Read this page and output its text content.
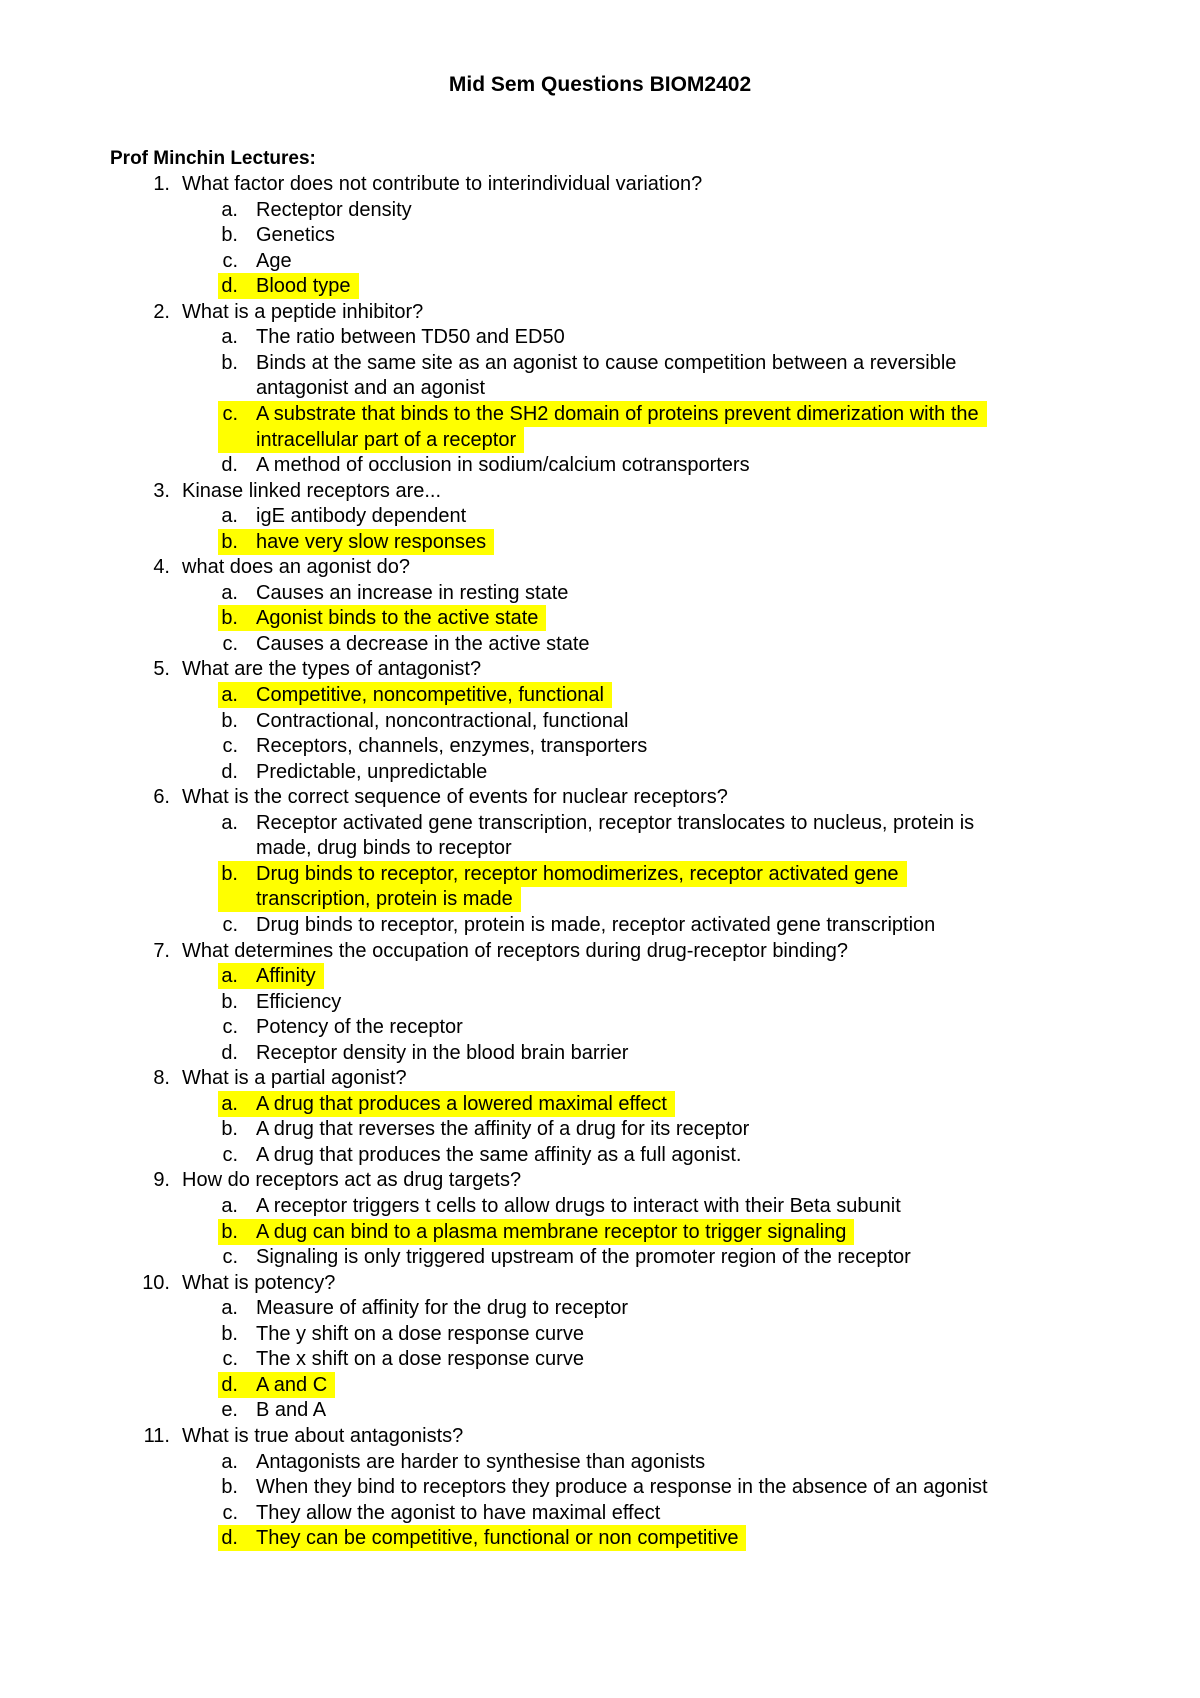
Mid Sem Questions BIOM2402
Prof Minchin Lectures:
1. What factor does not contribute to interindividual variation?
a. Recteptor density
b. Genetics
c. Age
d. Blood type
2. What is a peptide inhibitor?
a. The ratio between TD50 and ED50
b. Binds at the same site as an agonist to cause competition between a reversible
antagonist and an agonist
c. A substrate that binds to the SH2 domain of proteins prevent dimerization with the
intracellular part of a receptor
d. A method of occlusion in sodium/calcium cotransporters
3. Kinase linked receptors are...
a. igE antibody dependent
b. have very slow responses
4. what does an agonist do?
a. Causes an increase in resting state
b. Agonist binds to the active state
c. Causes a decrease in the active state
5. What are the types of antagonist?
a. Competitive, noncompetitive, functional
b. Contractional, noncontractional, functional
c. Receptors, channels, enzymes, transporters
d. Predictable, unpredictable
6. What is the correct sequence of events for nuclear receptors?
a. Receptor activated gene transcription, receptor translocates to nucleus, protein is
made, drug binds to receptor
b. Drug binds to receptor, receptor homodimerizes, receptor activated gene
transcription, protein is made
c. Drug binds to receptor, protein is made, receptor activated gene transcription
7. What determines the occupation of receptors during drug-receptor binding?
a. Affinity
b. Efficiency
c. Potency of the receptor
d. Receptor density in the blood brain barrier
8. What is a partial agonist?
a. A drug that produces a lowered maximal effect
b. A drug that reverses the affinity of a drug for its receptor
c. A drug that produces the same affinity as a full agonist.
9. How do receptors act as drug targets?
a. A receptor triggers t cells to allow drugs to interact with their Beta subunit
b. A dug can bind to a plasma membrane receptor to trigger signaling
c. Signaling is only triggered upstream of the promoter region of the receptor
10. What is potency?
a. Measure of affinity for the drug to receptor
b. The y shift on a dose response curve
c. The x shift on a dose response curve
d. A and C
e. B and A
11. What is true about antagonists?
a. Antagonists are harder to synthesise than agonists
b. When they bind to receptors they produce a response in the absence of an agonist
c. They allow the agonist to have maximal effect
d. They can be competitive, functional or non competitive
